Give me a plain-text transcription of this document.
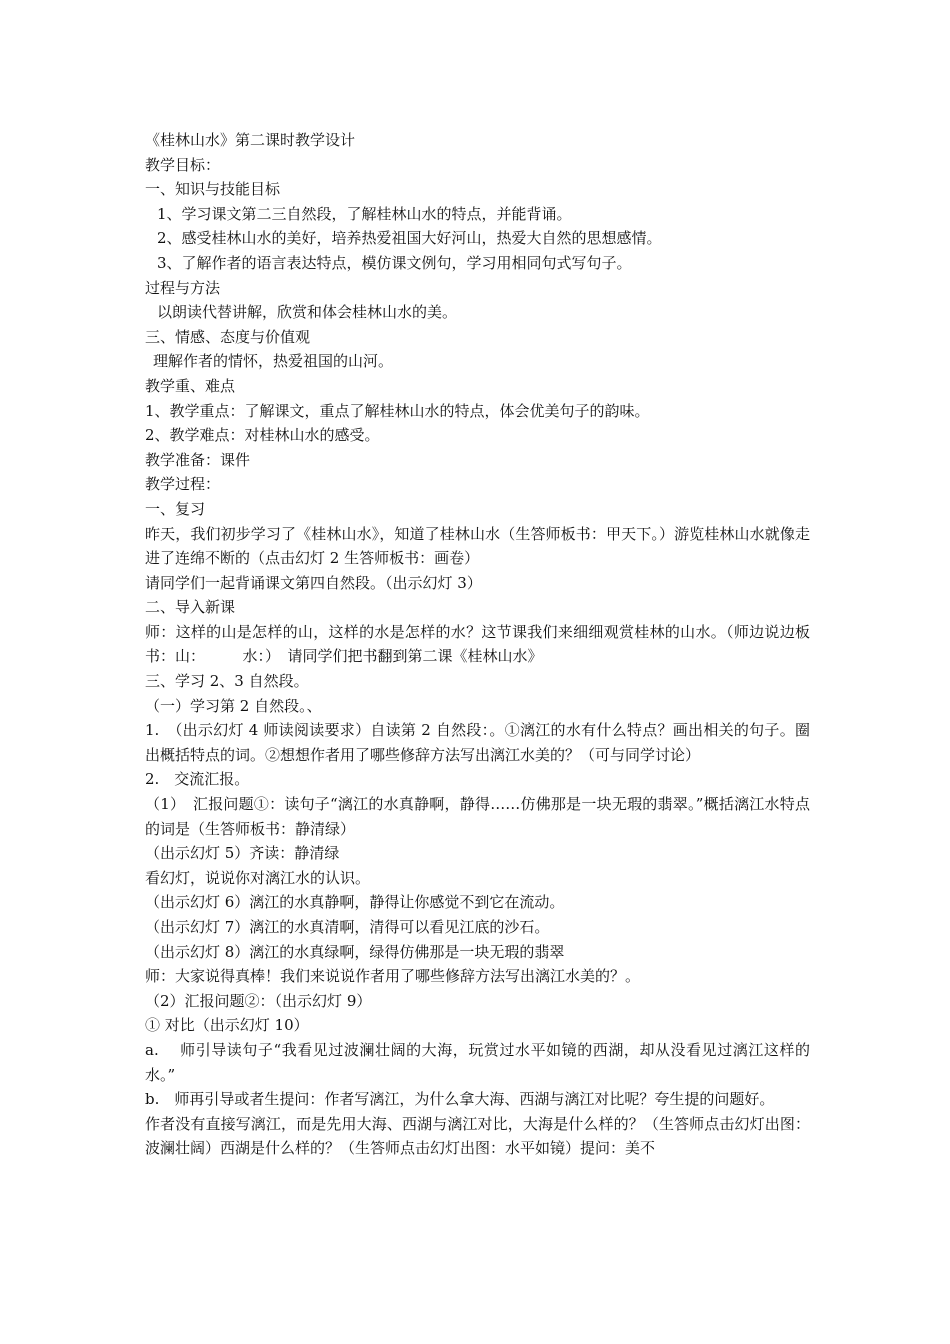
《桂林山水》第二课时教学设计

教学目标：

一、知识与技能目标

1、学习课文第二三自然段，了解桂林山水的特点，并能背诵。

2、感受桂林山水的美好，培养热爱祖国大好河山，热爱大自然的思想感情。

3、了解作者的语言表达特点，模仿课文例句，学习用相同句式写句子。

过程与方法

以朗读代替讲解，欣赏和体会桂林山水的美。

三、情感、态度与价值观

理解作者的情怀，热爱祖国的山河。

教学重、难点

1、教学重点：了解课文，重点了解桂林山水的特点，体会优美句子的韵味。

2、教学难点：对桂林山水的感受。

教学准备：课件

教学过程：

一、复习

昨天，我们初步学习了《桂林山水》，知道了桂林山水（生答师板书：甲天下。）游览桂林山水就像走进了连绵不断的（点击幻灯 2 生答师板书：画卷）

请同学们一起背诵课文第四自然段。（出示幻灯 3）

二、导入新课

师：这样的山是怎样的山，这样的水是怎样的水？这节课我们来细细观赏桂林的山水。（师边说边板书：山：　　　水：）　请同学们把书翻到第二课《桂林山水》

三、学习 2、3 自然段。

（一）学习第 2 自然段。、

1.　（出示幻灯 4 师读阅读要求）自读第 2 自然段：。①漓江的水有什么特点？画出相关的句子。圈出概括特点的词。②想想作者用了哪些修辞方法写出漓江水美的？（可与同学讨论）

2.　交流汇报。

（1）　汇报问题①：读句子“漓江的水真静啊，静得……仿佛那是一块无瑕的翡翠。”概括漓江水特点的词是（生答师板书：静清绿）

（出示幻灯 5）齐读：静清绿

看幻灯，说说你对漓江水的认识。

（出示幻灯 6）漓江的水真静啊，静得让你感觉不到它在流动。

（出示幻灯 7）漓江的水真清啊，清得可以看见江底的沙石。

（出示幻灯 8）漓江的水真绿啊，绿得仿佛那是一块无瑕的翡翠

师：大家说得真棒！我们来说说作者用了哪些修辞方法写出漓江水美的？。

（2）汇报问题②：（出示幻灯 9）

① 对比（出示幻灯 10）

a.　 师引导读句子“我看见过波澜壮阔的大海，玩赏过水平如镜的西湖，却从没看见过漓江这样的水。”

b.　师再引导或者生提问：作者写漓江，为什么拿大海、西湖与漓江对比呢？夸生提的问题好。

作者没有直接写漓江，而是先用大海、西湖与漓江对比，大海是什么样的？（生答师点击幻灯出图：波澜壮阔）西湖是什么样的？（生答师点击幻灯出图：水平如镜）提问：美不
